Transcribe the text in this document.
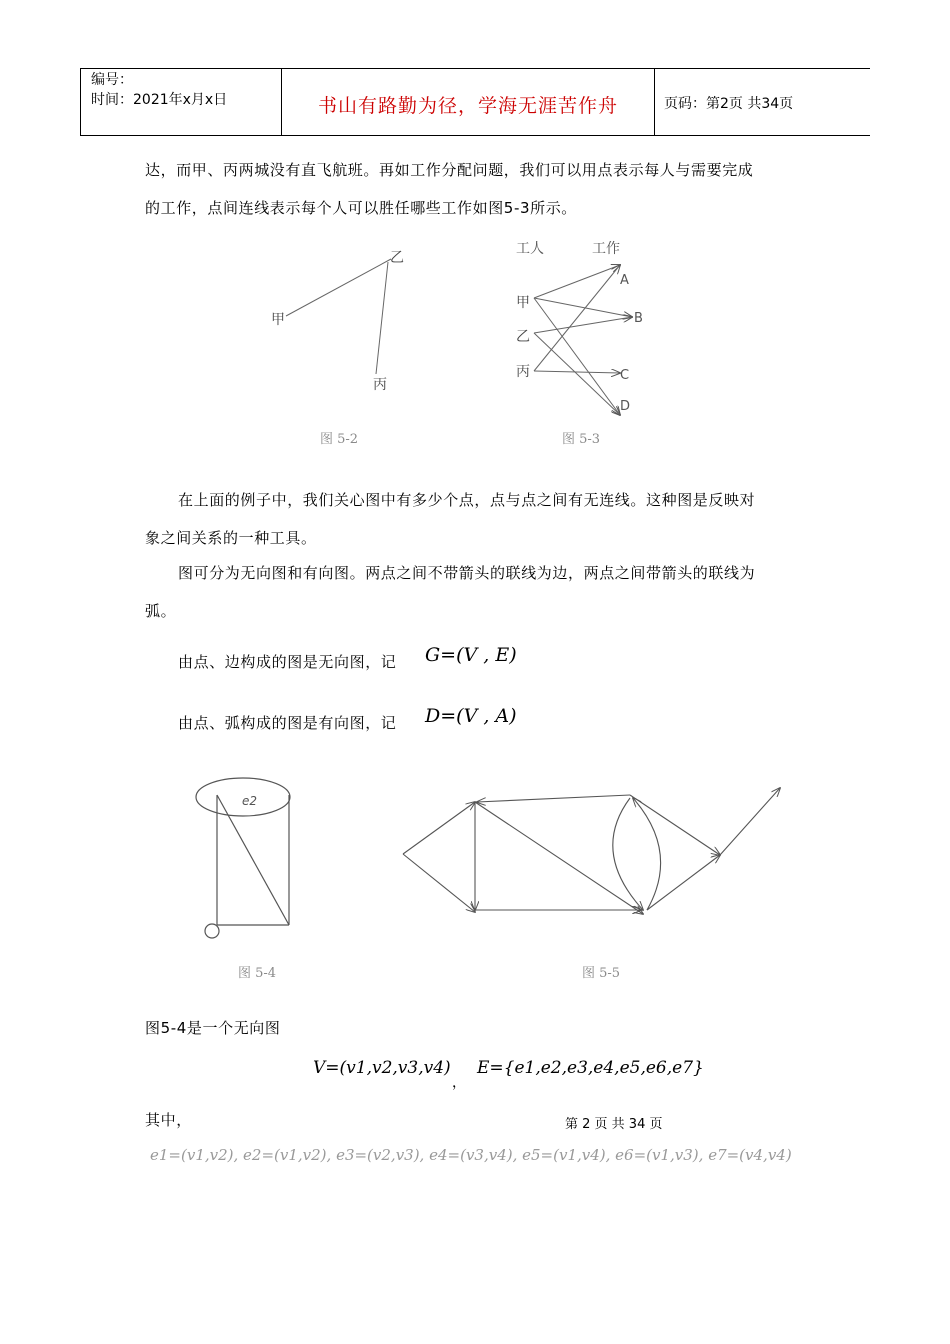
编号：
时间：2021年x月x日	书山有路勤为径，学海无涯苦作舟	页码：第2页 共34页
达，而甲、丙两城没有直飞航班。再如工作分配问题，我们可以用点表示每人与需要完成
的工作，点间连线表示每个人可以胜任哪些工作如图5-3所示。
甲
乙
丙
图 5-2
工人	工作
甲
乙
丙
A
B
C
D
图 5-3
在上面的例子中，我们关心图中有多少个点，点与点之间有无连线。这种图是反映对
象之间关系的一种工具。
图可分为无向图和有向图。两点之间不带箭头的联线为边，两点之间带箭头的联线为
弧。
由点、边构成的图是无向图，记 G=(V , E)
由点、弧构成的图是有向图，记 D=(V , A)
e2
图 5-4	图 5-5
图5-4是一个无向图
V=(v1,v2,v3,v4)
，
E={e1,e2,e3,e4,e5,e6,e7}
其中，	第 2 页 共 34 页
e1=(v1,v2), e2=(v1,v2), e3=(v2,v3), e4=(v3,v4), e5=(v1,v4), e6=(v1,v3), e7=(v4,v4)
